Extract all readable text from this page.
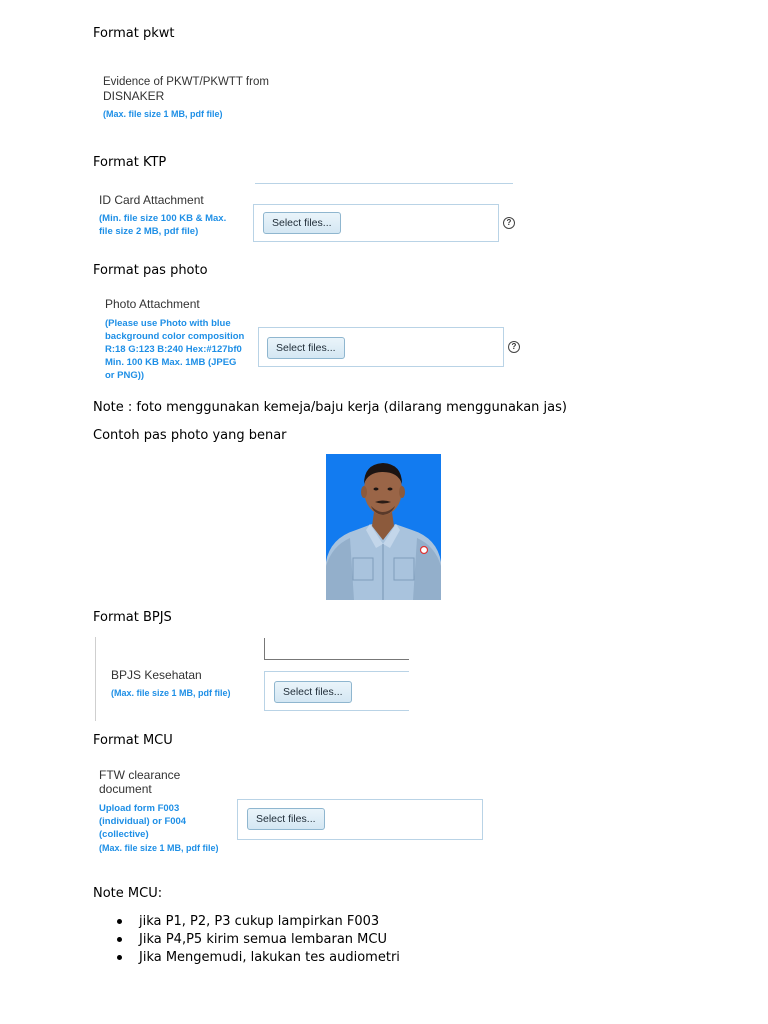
Format pkwt
Evidence of PKWT/PKWTT from
DISNAKER
(Max. file size 1 MB, pdf file)
Format KTP
ID Card Attachment
(Min. file size 100 KB & Max.
file size 2 MB, pdf file)
Select files...	?
Format pas photo
Photo Attachment
(Please use Photo with blue
background color composition
R:18 G:123 B:240 Hex:#127bf0
Min. 100 KB Max. 1MB (JPEG
or PNG))
Select files...	?
Note : foto menggunakan kemeja/baju kerja (dilarang menggunakan jas)
Contoh pas photo yang benar
Format BPJS
BPJS Kesehatan
(Max. file size 1 MB, pdf file)	Select files...
Format MCU
FTW clearance
document
Upload form F003
(individual) or F004
(collective)
(Max. file size 1 MB, pdf file)
Select files...
Note MCU:
jika P1, P2, P3 cukup lampirkan F003
Jika P4,P5 kirim semua lembaran MCU
Jika Mengemudi, lakukan tes audiometri
